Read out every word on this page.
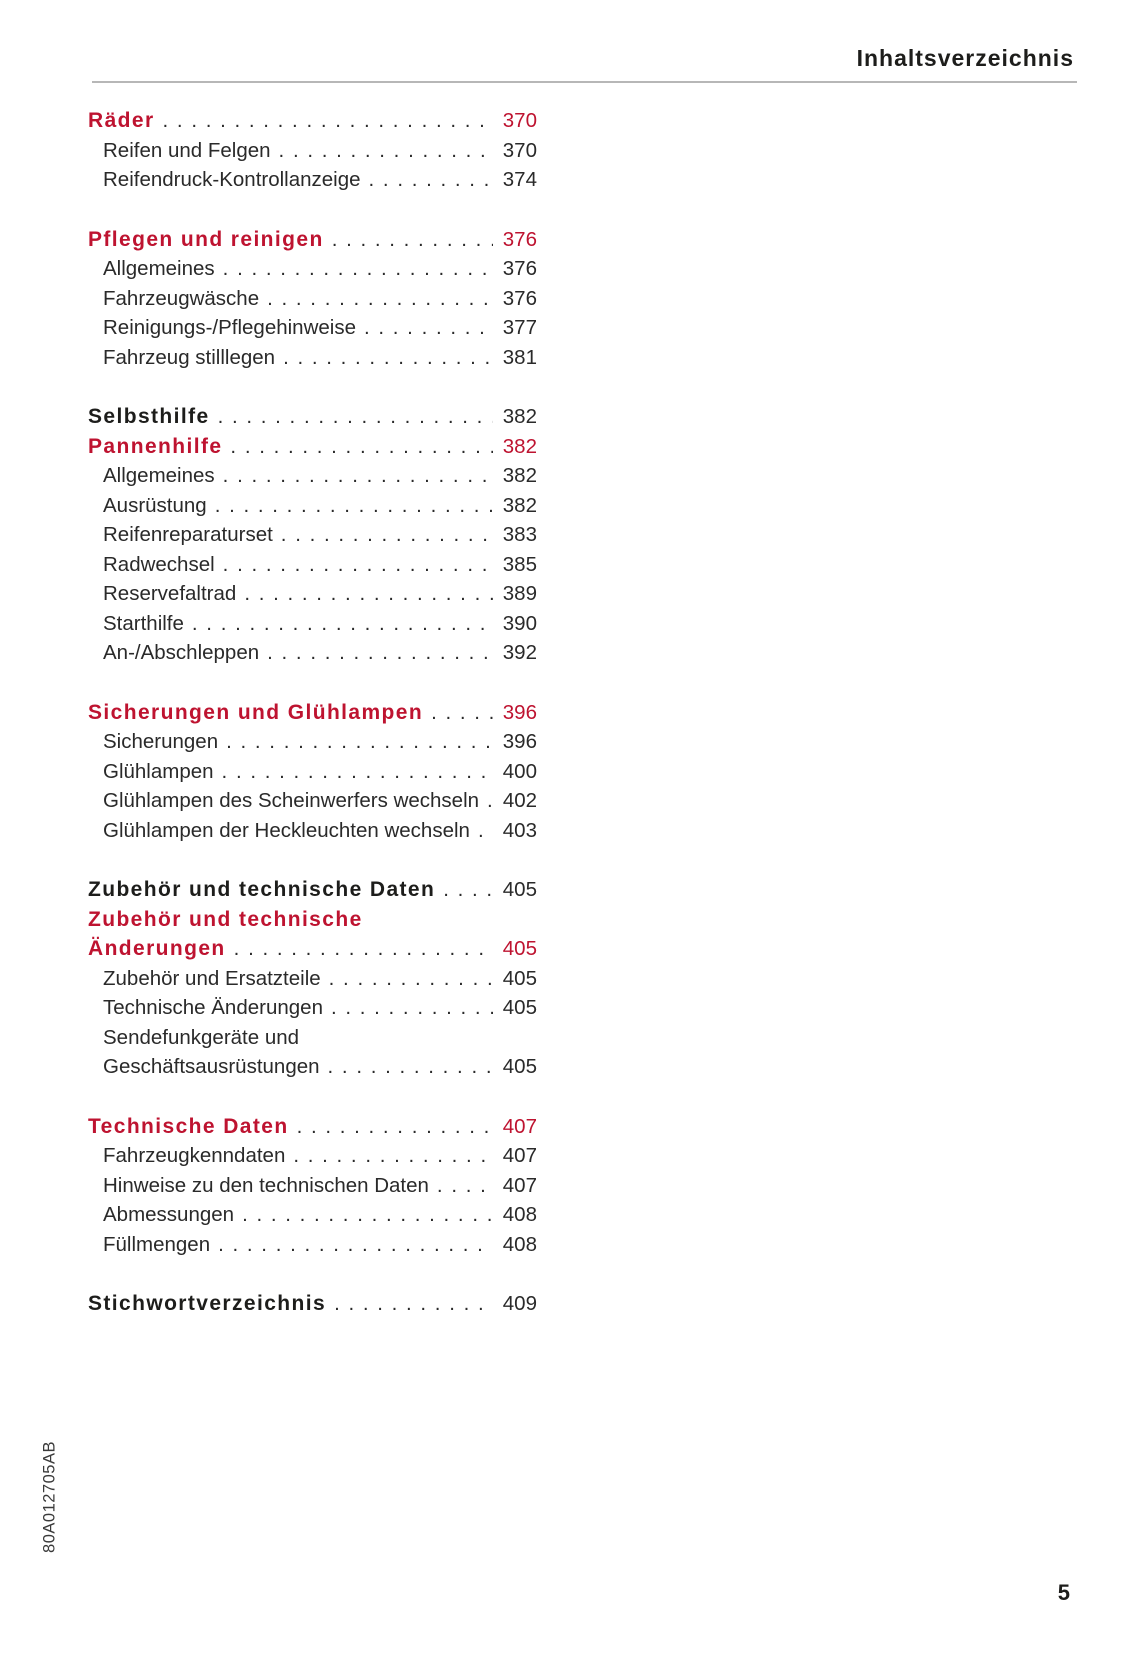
Inhaltsverzeichnis
Räder . . .	370
Reifen und Felgen . . .	370
Reifendruck-Kontrollanzeige . . .	374
Pflegen und reinigen . . .	376
Allgemeines . . .	376
Fahrzeugwäsche . . .	376
Reinigungs-/Pflegehinweise . . .	377
Fahrzeug stilllegen . . .	381
Selbsthilfe . . .	382
Pannenhilfe . . .	382
Allgemeines . . .	382
Ausrüstung . . .	382
Reifenreparaturset . . .	383
Radwechsel . . .	385
Reservefaltrad . . .	389
Starthilfe . . .	390
An-/Abschleppen . . .	392
Sicherungen und Glühlampen . . .	396
Sicherungen . . .	396
Glühlampen . . .	400
Glühlampen des Scheinwerfers wechseln . . .	402
Glühlampen der Heckleuchten wechseln . . .	403
Zubehör und technische Daten . . .	405
Zubehör und technische
Änderungen . . .	405
Zubehör und Ersatzteile . . .	405
Technische Änderungen . . .	405
Sendefunkgeräte und
Geschäftsausrüstungen . . .	405
Technische Daten . . .	407
Fahrzeugkenndaten . . .	407
Hinweise zu den technischen Daten . . .	407
Abmessungen . . .	408
Füllmengen . . .	408
Stichwortverzeichnis . . .	409
80A012705AB
5
